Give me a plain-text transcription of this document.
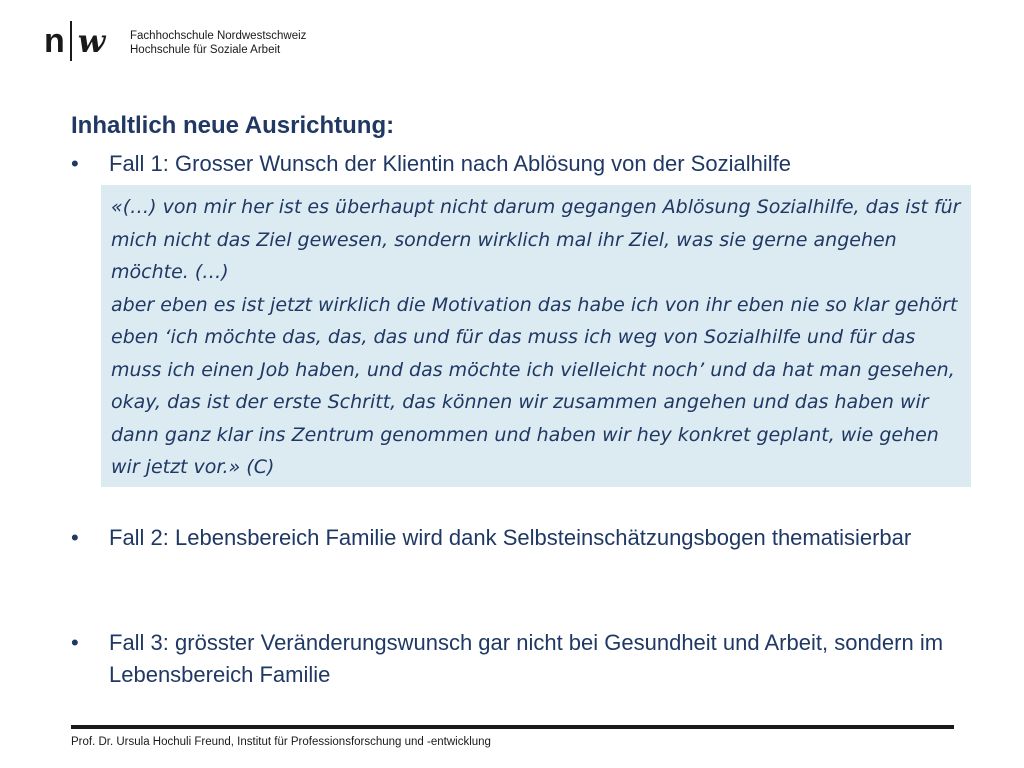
n w Fachhochschule Nordwestschweiz
Hochschule für Soziale Arbeit
Inhaltlich neue Ausrichtung:
•	Fall 1: Grosser Wunsch der Klientin nach Ablösung von der Sozialhilfe
«(…) von mir her ist es überhaupt nicht darum gegangen Ablösung Sozialhilfe, das ist für mich nicht das Ziel gewesen, sondern wirklich mal ihr Ziel, was sie gerne angehen möchte. (…)
aber eben es ist jetzt wirklich die Motivation das habe ich von ihr eben nie so klar gehört eben ‘ich möchte das, das, das und für das muss ich weg von Sozialhilfe und für das muss ich einen Job haben, und das möchte ich vielleicht noch’ und da hat man gesehen, okay, das ist der erste Schritt, das können wir zusammen angehen und das haben wir dann ganz klar ins Zentrum genommen und haben wir hey konkret geplant, wie gehen wir jetzt vor.» (C)
•	Fall 2: Lebensbereich Familie wird dank Selbsteinschätzungsbogen thematisierbar
•	Fall 3: grösster Veränderungswunsch gar nicht bei Gesundheit und Arbeit, sondern im Lebensbereich Familie
Prof. Dr. Ursula Hochuli Freund, Institut für Professionsforschung und -entwicklung
